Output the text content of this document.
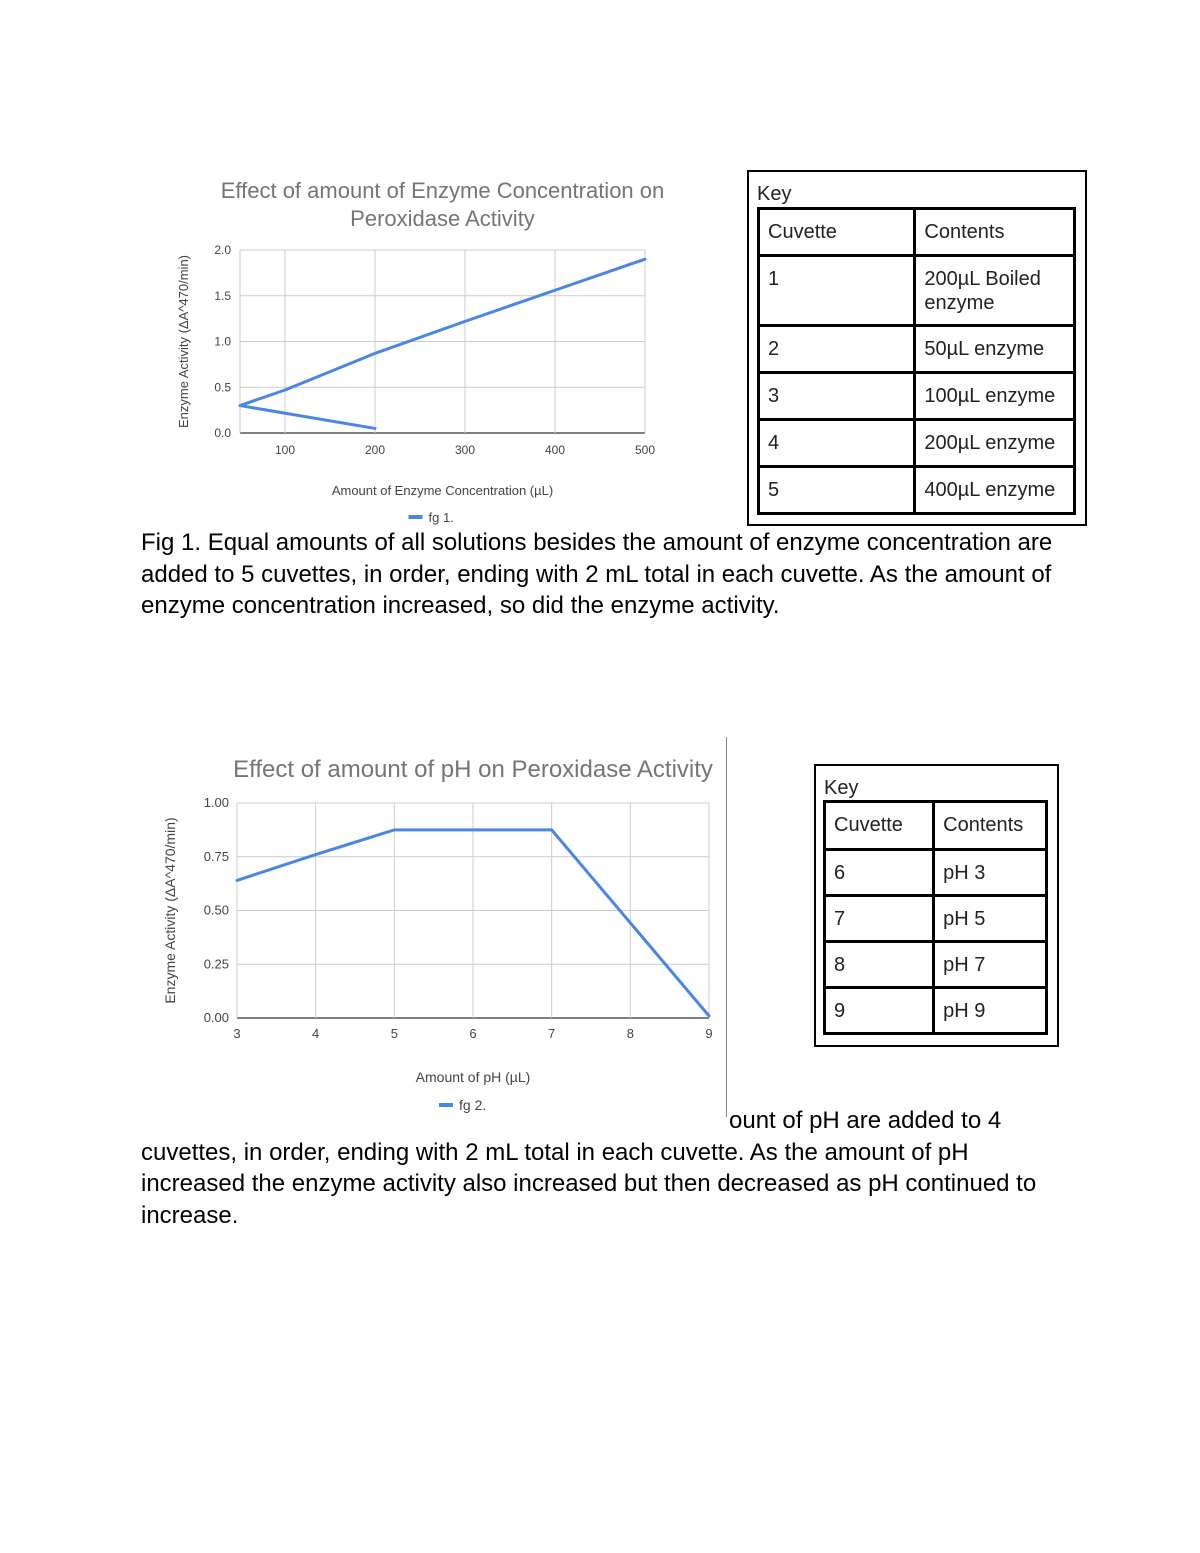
Effect of amount of Enzyme Concentration on
Peroxidase Activity
0.0
0.5
1.0
1.5
2.0
100	200	300	400	500
Amount of Enzyme Concentration (µL)
Enzyme Activity (ΔA^470/min)
fg 1.
Key
Cuvette	Contents
1	200µL Boiled enzyme
2	50µL enzyme
3	100µL enzyme
4	200µL enzyme
5	400µL enzyme

Fig 1. Equal amounts of all solutions besides the amount of enzyme concentration are added to 5 cuvettes, in order, ending with 2 mL total in each cuvette. As the amount of enzyme concentration increased, so did the enzyme activity.

Effect of amount of pH on Peroxidase Activity
0.00
0.25
0.50
0.75
1.00
3	4	5	6	7	8	9
Amount of pH (µL)
Enzyme Activity (ΔA^470/min)
fg 2.
Key
Cuvette	Contents
6	pH 3
7	pH 5
8	pH 7
9	pH 9

ount of pH are added to 4 cuvettes, in order, ending with 2 mL total in each cuvette. As the amount of pH increased the enzyme activity also increased but then decreased as pH continued to increase.
